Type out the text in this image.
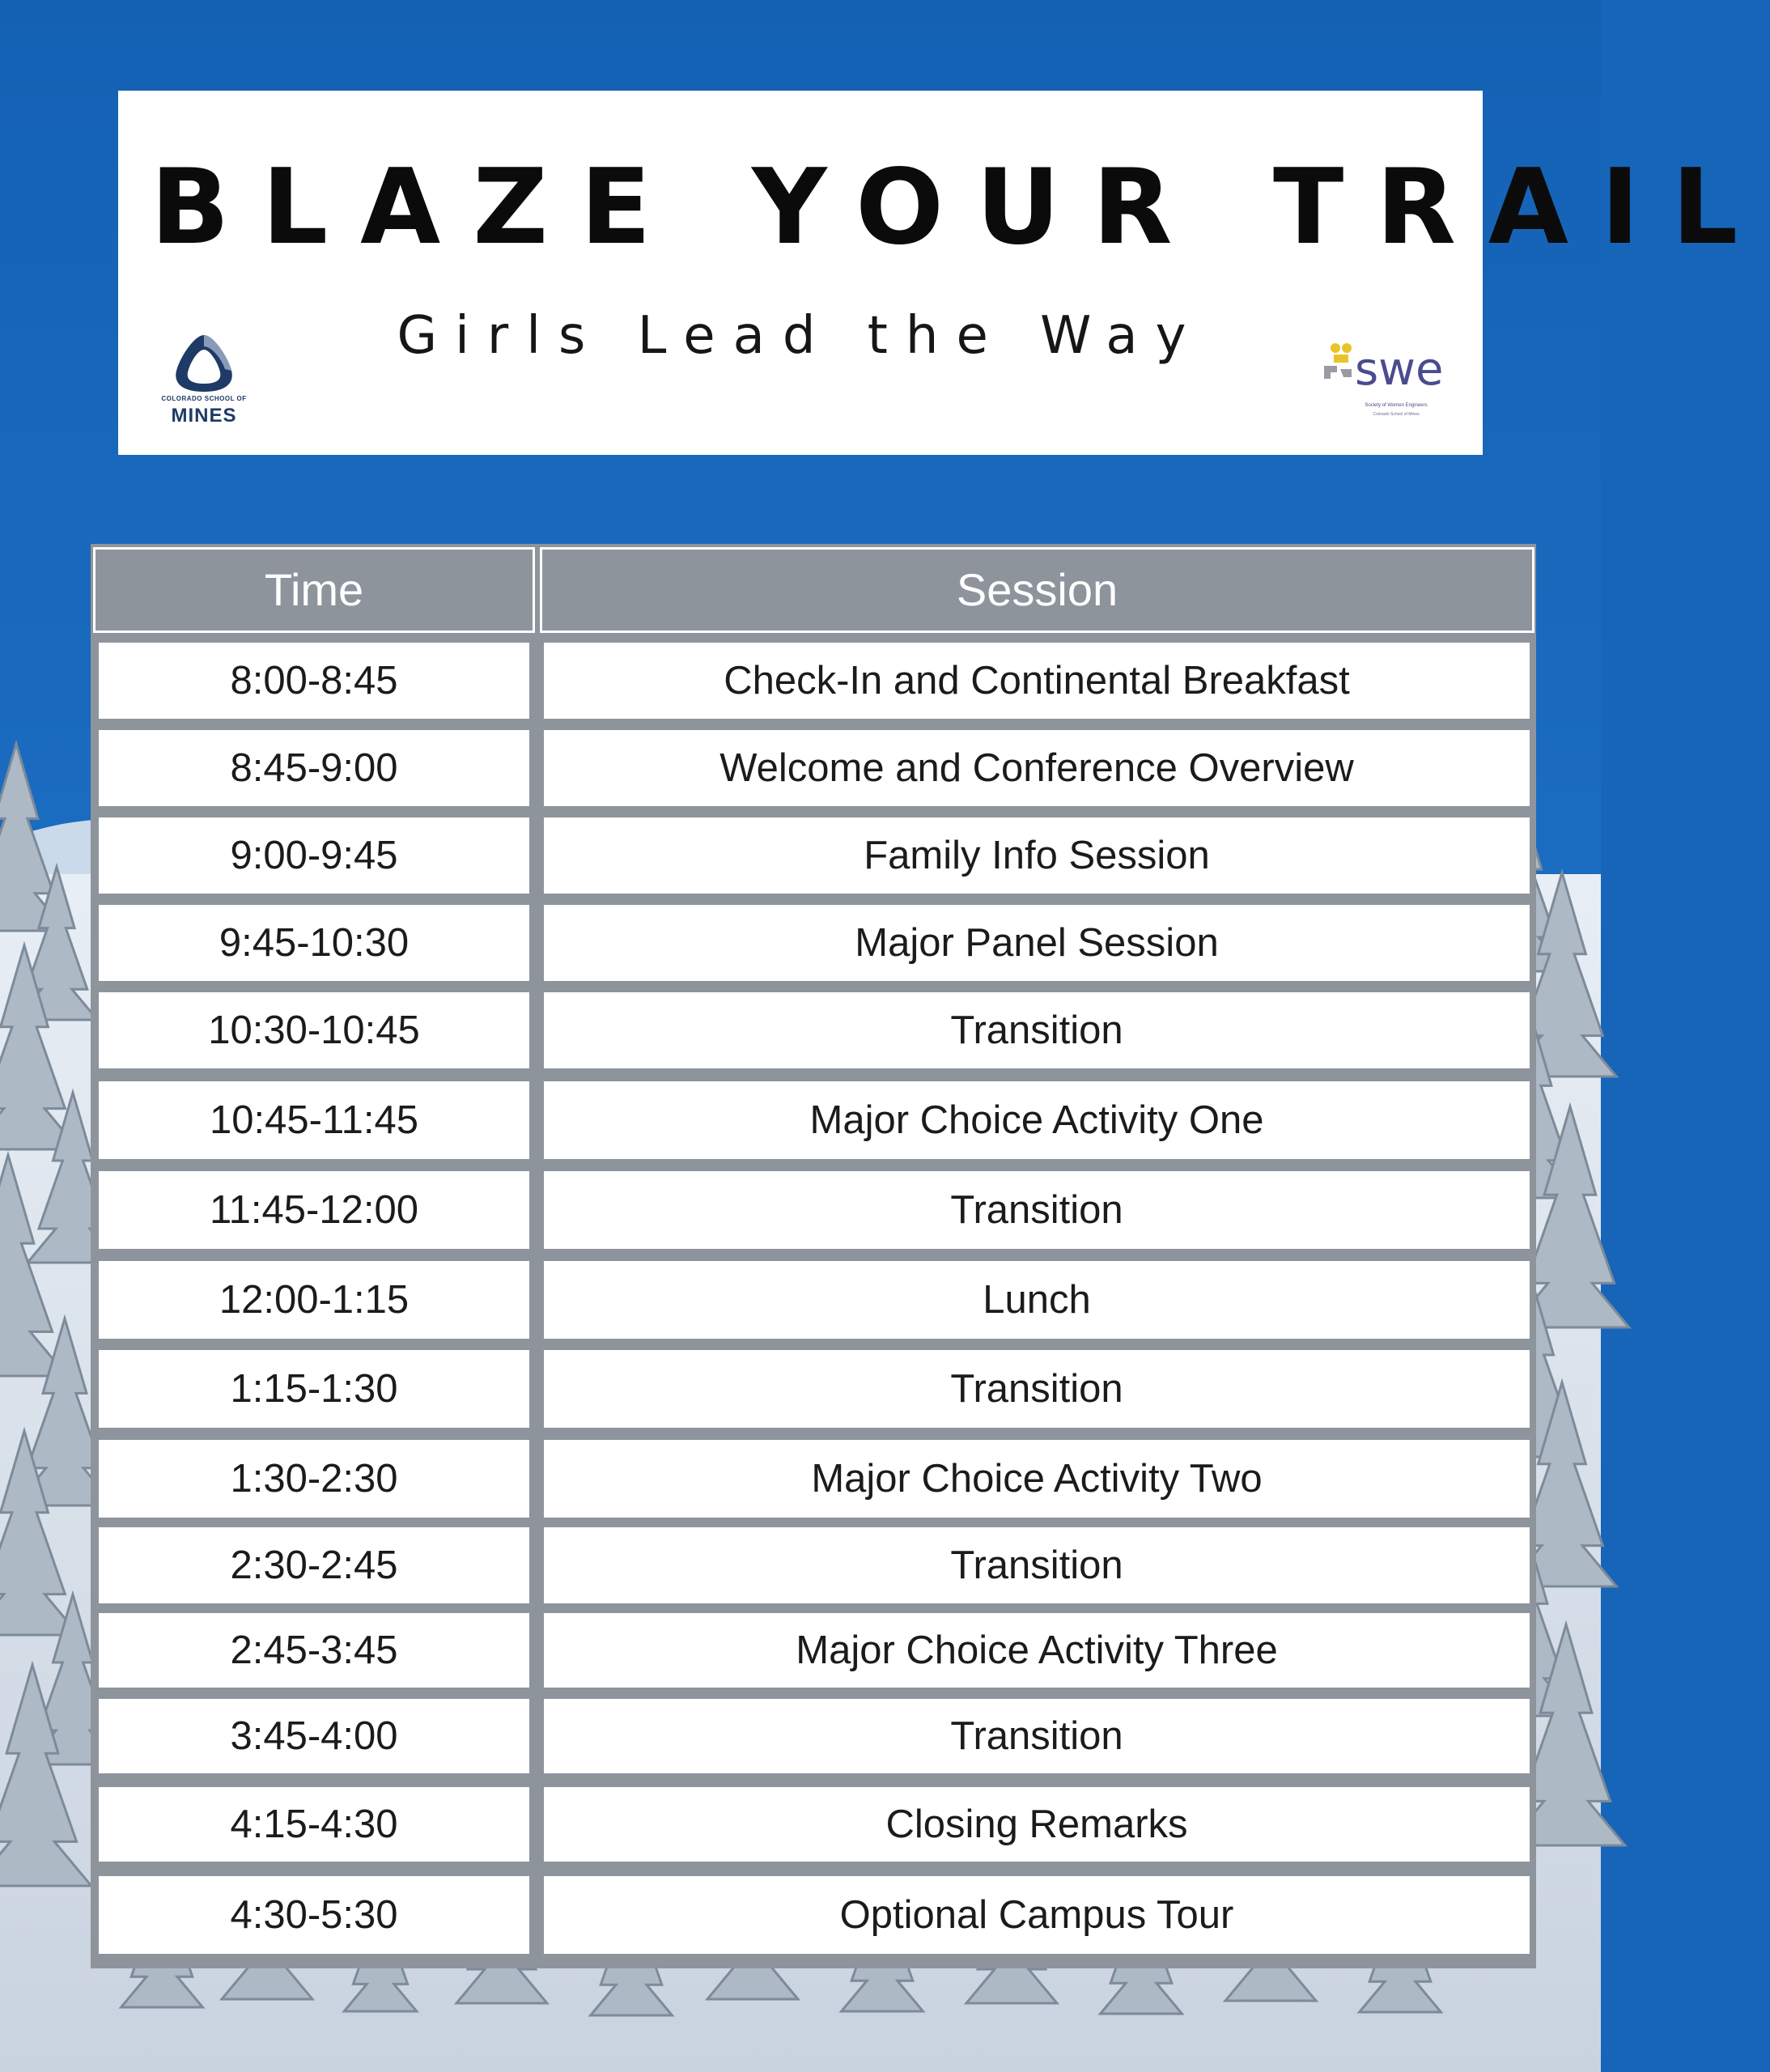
BLAZE YOUR TRAIL
Girls Lead the Way
COLORADO SCHOOL OF
MINES
swe
Society of Women Engineers
Colorado School of Mines
Time	Session
8:00-8:45	Check-In and Continental Breakfast
8:45-9:00	Welcome and Conference Overview
9:00-9:45	Family Info Session
9:45-10:30	Major Panel Session
10:30-10:45	Transition
10:45-11:45	Major Choice Activity One
11:45-12:00	Transition
12:00-1:15	Lunch
1:15-1:30	Transition
1:30-2:30	Major Choice Activity Two
2:30-2:45	Transition
2:45-3:45	Major Choice Activity Three
3:45-4:00	Transition
4:15-4:30	Closing Remarks
4:30-5:30	Optional Campus Tour
